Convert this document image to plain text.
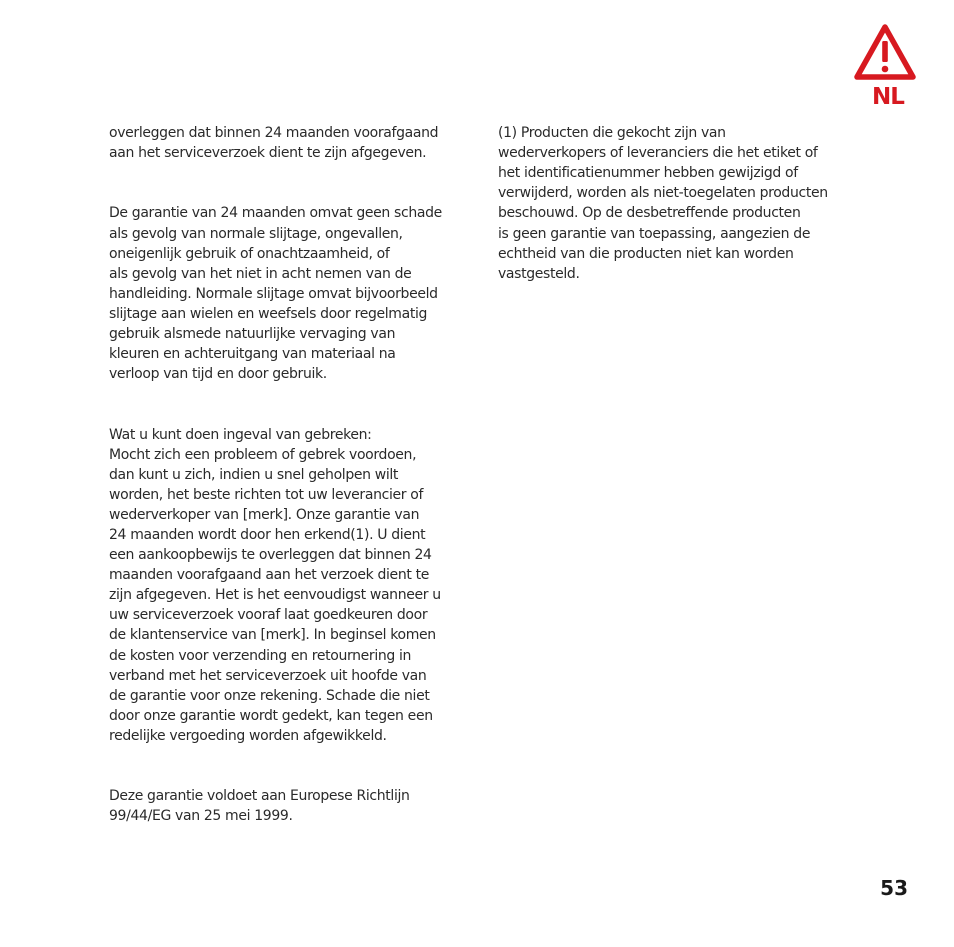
NL

overleggen dat binnen 24 maanden voorafgaand
aan het serviceverzoek dient te zijn afgegeven.

De garantie van 24 maanden omvat geen schade
als gevolg van normale slijtage, ongevallen,
oneigenlijk gebruik of onachtzaamheid, of
als gevolg van het niet in acht nemen van de
handleiding. Normale slijtage omvat bijvoorbeeld
slijtage aan wielen en weefsels door regelmatig
gebruik alsmede natuurlijke vervaging van
kleuren en achteruitgang van materiaal na
verloop van tijd en door gebruik.

Wat u kunt doen ingeval van gebreken:
Mocht zich een probleem of gebrek voordoen,
dan kunt u zich, indien u snel geholpen wilt
worden, het beste richten tot uw leverancier of
wederverkoper van [merk]. Onze garantie van
24 maanden wordt door hen erkend(1). U dient
een aankoopbewijs te overleggen dat binnen 24
maanden voorafgaand aan het verzoek dient te
zijn afgegeven. Het is het eenvoudigst wanneer u
uw serviceverzoek vooraf laat goedkeuren door
de klantenservice van [merk]. In beginsel komen
de kosten voor verzending en retournering in
verband met het serviceverzoek uit hoofde van
de garantie voor onze rekening. Schade die niet
door onze garantie wordt gedekt, kan tegen een
redelijke vergoeding worden afgewikkeld.

Deze garantie voldoet aan Europese Richtlijn
99/44/EG van 25 mei 1999.

(1) Producten die gekocht zijn van
wederverkopers of leveranciers die het etiket of
het identificatienummer hebben gewijzigd of
verwijderd, worden als niet-toegelaten producten
beschouwd. Op de desbetreffende producten
is geen garantie van toepassing, aangezien de
echtheid van die producten niet kan worden
vastgesteld.

53
